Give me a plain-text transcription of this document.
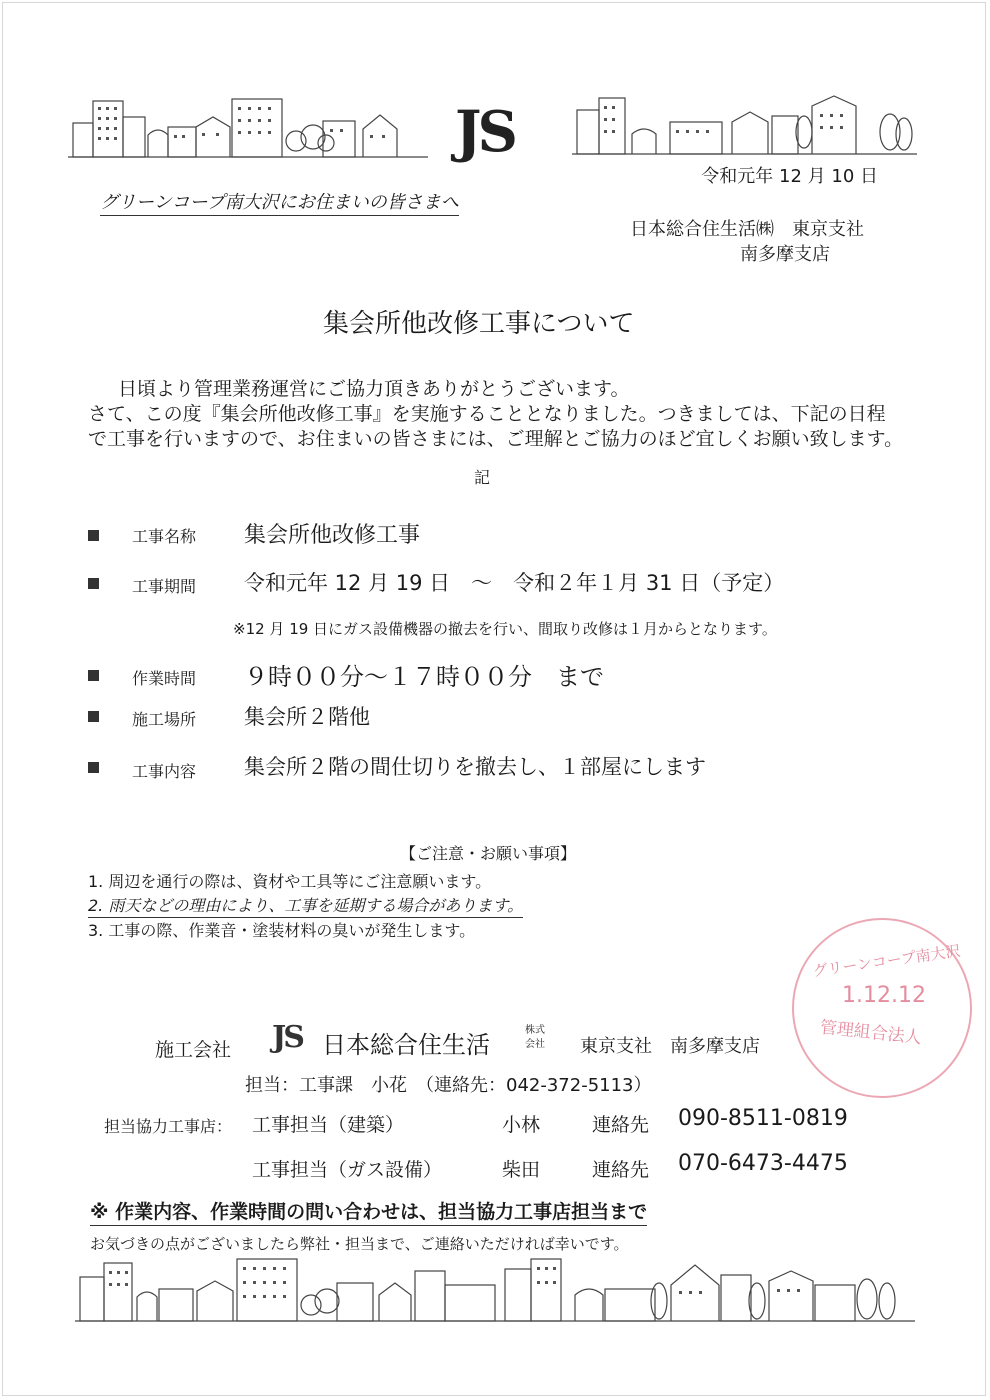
JS
令和元年 12 月 10 日
グリーンコープ南大沢にお住まいの皆さまへ
日本総合住生活㈱　東京支社
南多摩支店
集会所他改修工事について
日頃より管理業務運営にご協力頂きありがとうございます。
さて、この度『集会所他改修工事』を実施することとなりました。つきましては、下記の日程
で工事を行いますので、お住まいの皆さまには、ご理解とご協力のほど宜しくお願い致します。
記
工事名称 集会所他改修工事
工事期間 令和元年 12 月 19 日　～　令和２年１月 31 日（予定）
※12 月 19 日にガス設備機器の撤去を行い、間取り改修は１月からとなります。
作業時間 ９時００分～１７時００分　まで
施工場所 集会所２階他
工事内容 集会所２階の間仕切りを撤去し、１部屋にします
【ご注意・お願い事項】
1. 周辺を通行の際は、資材や工具等にご注意願います。
2. 雨天などの理由により、工事を延期する場合があります。
3. 工事の際、作業音・塗装材料の臭いが発生します。
グリーンコープ南大沢
1.12.12
管理組合法人
施工会社 JS 日本総合住生活
株式
会社 東京支社　南多摩支店
担当：工事課　小花　（連絡先：042-372-5113）
担当協力工事店： 工事担当（建築）	小林	連絡先 090-8511-0819
工事担当（ガス設備）	柴田	連絡先 070-6473-4475
※ 作業内容、作業時間の問い合わせは、担当協力工事店担当まで
お気づきの点がございましたら弊社・担当まで、ご連絡いただければ幸いです。
